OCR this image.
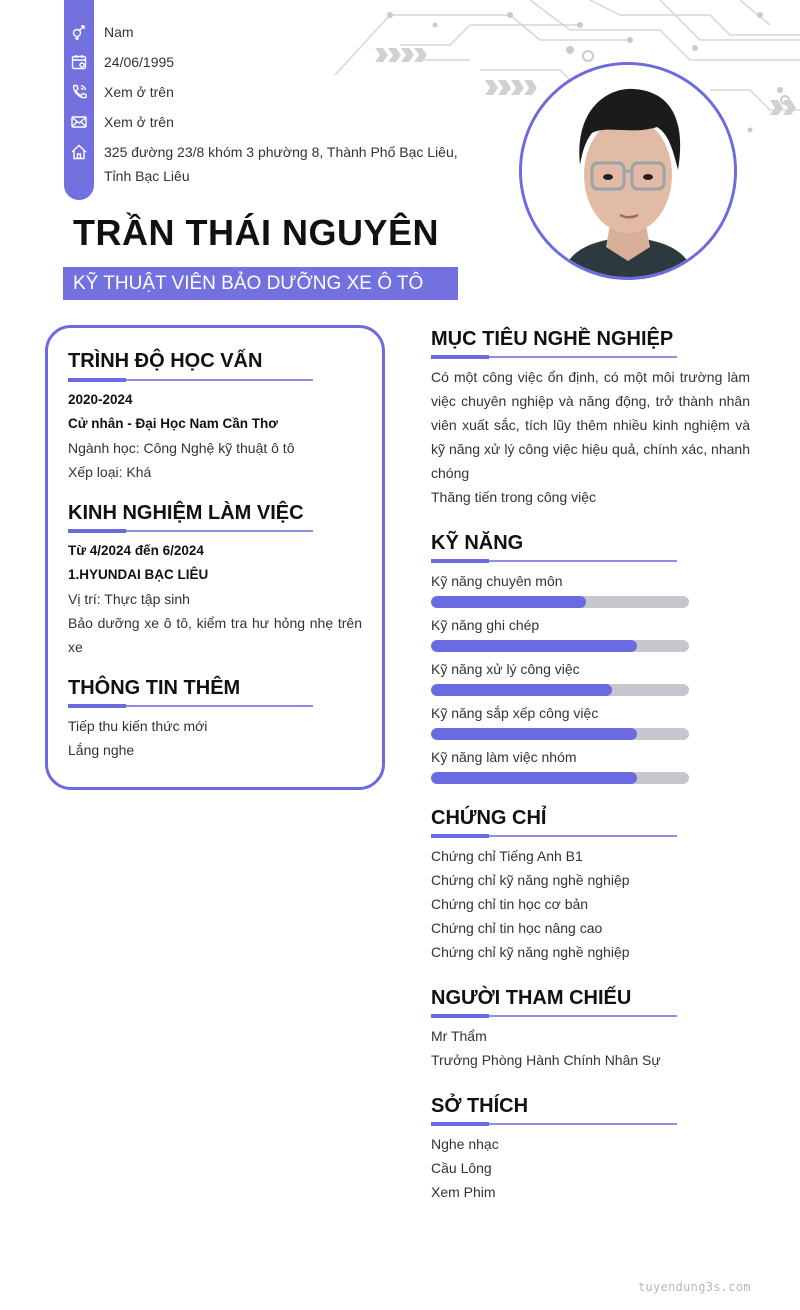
Nam
24/06/1995
Xem ở trên
Xem ở trên
325 đường 23/8 khóm 3 phường 8, Thành Phố Bạc Liêu,
Tỉnh Bạc Liêu
TRẦN THÁI NGUYÊN
KỸ THUẬT VIÊN BẢO DƯỠNG XE Ô TÔ
TRÌNH ĐỘ HỌC VẤN
2020-2024
Cử nhân - Đại Học Nam Cần Thơ
Ngành học: Công Nghệ kỹ thuật ô tô
Xếp loại: Khá
KINH NGHIỆM LÀM VIỆC
Từ 4/2024 đến 6/2024
1.HYUNDAI BẠC LIÊU
Vị trí: Thực tập sinh
Bảo dưỡng xe ô tô, kiểm tra hư hỏng nhẹ trên
xe
THÔNG TIN THÊM
Tiếp thu kiến thức mới
Lắng nghe
MỤC TIÊU NGHỀ NGHIỆP
Có một công việc ổn định, có một môi trường làm
việc chuyên nghiệp và năng động, trở thành nhân
viên xuất sắc, tích lũy thêm nhiều kinh nghiệm và
kỹ năng xử lý công việc hiệu quả, chính xác, nhanh
chóng
Thăng tiến trong công việc
KỸ NĂNG
Kỹ năng chuyên môn
Kỹ năng ghi chép
Kỹ năng xử lý công việc
Kỹ năng sắp xếp công việc
Kỹ năng làm việc nhóm
CHỨNG CHỈ
Chứng chỉ Tiếng Anh B1
Chứng chỉ kỹ năng nghề nghiệp
Chứng chỉ tin học cơ bản
Chứng chỉ tin học nâng cao
Chứng chỉ kỹ năng nghề nghiệp
NGƯỜI THAM CHIẾU
Mr Thẩm
Trưởng Phòng Hành Chính Nhân Sự
SỞ THÍCH
Nghe nhạc
Cầu Lông
Xem Phim
tuyendung3s.com
